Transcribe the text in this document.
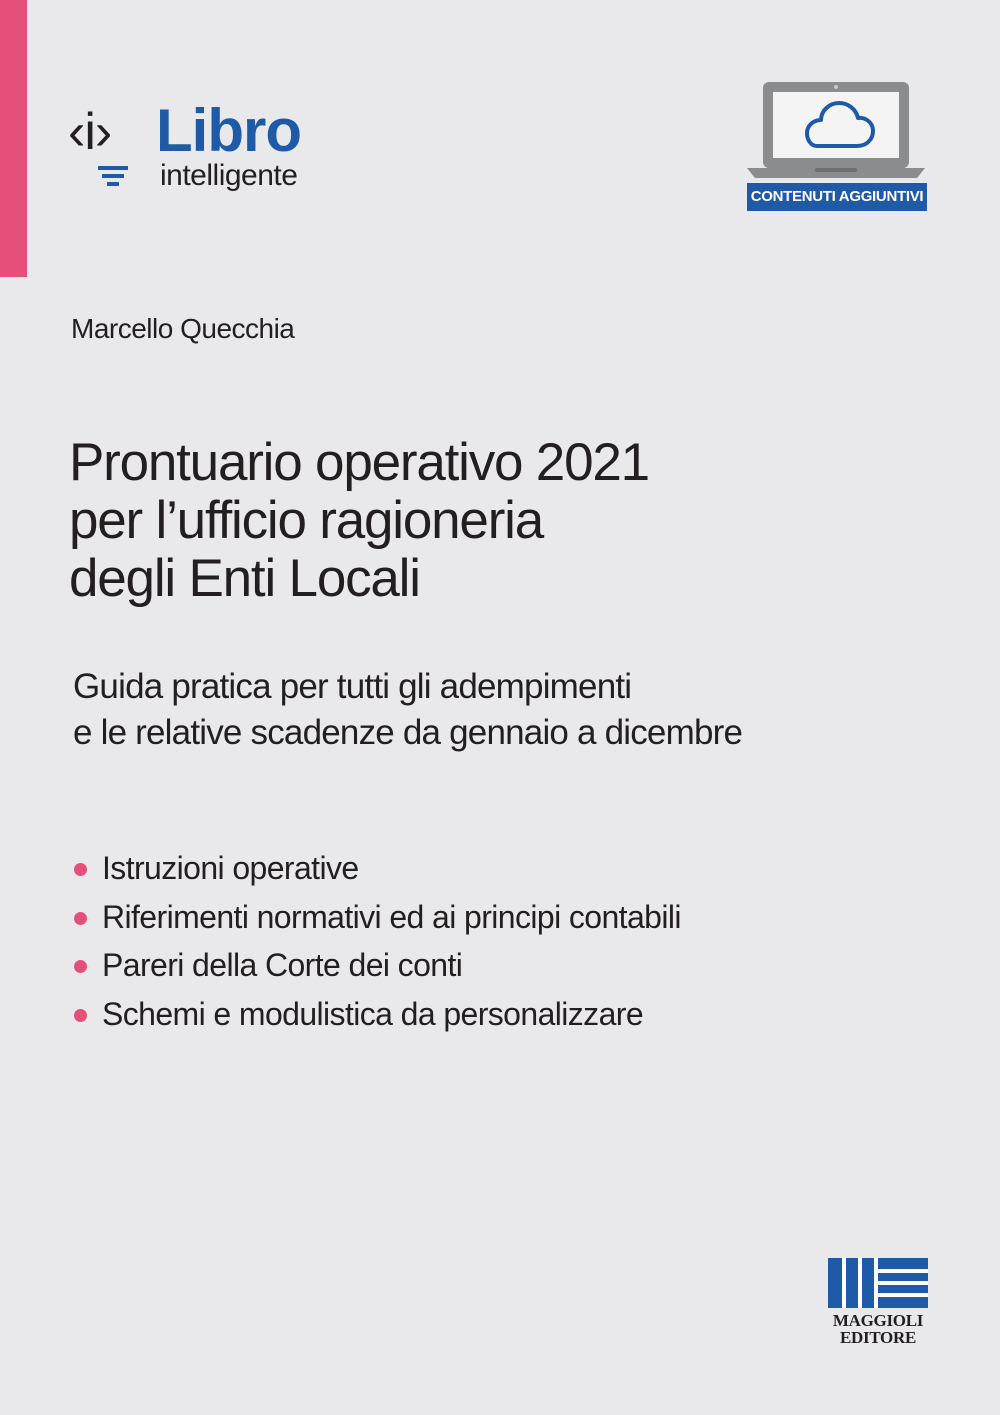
‹i› Libro
intelligente
CONTENUTI AGGIUNTIVI
Marcello Quecchia
Prontuario operativo 2021
per l’ufficio ragioneria
degli Enti Locali
Guida pratica per tutti gli adempimenti
e le relative scadenze da gennaio a dicembre
Istruzioni operative
Riferimenti normativi ed ai principi contabili
Pareri della Corte dei conti
Schemi e modulistica da personalizzare
MAGGIOLI
EDITORE
